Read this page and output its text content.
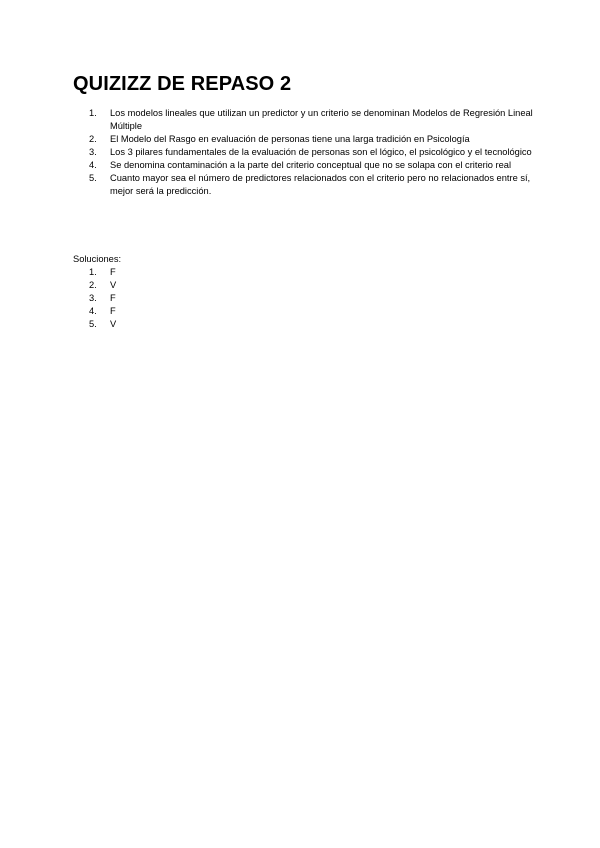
QUIZIZZ DE REPASO 2
1.	Los modelos lineales que utilizan un predictor y un criterio se denominan Modelos de Regresión Lineal Múltiple
2.	El Modelo del Rasgo en evaluación de personas tiene una larga tradición en Psicología
3.	Los 3 pilares fundamentales de la evaluación de personas son el lógico, el psicológico y el tecnológico
4.	Se denomina contaminación a la parte del criterio conceptual que no se solapa con el criterio real
5.	Cuanto mayor sea el número de predictores relacionados con el criterio pero no relacionados entre sí, mejor será la predicción.

Soluciones:

1.	F
2.	V
3.	F
4.	F
5.	V
